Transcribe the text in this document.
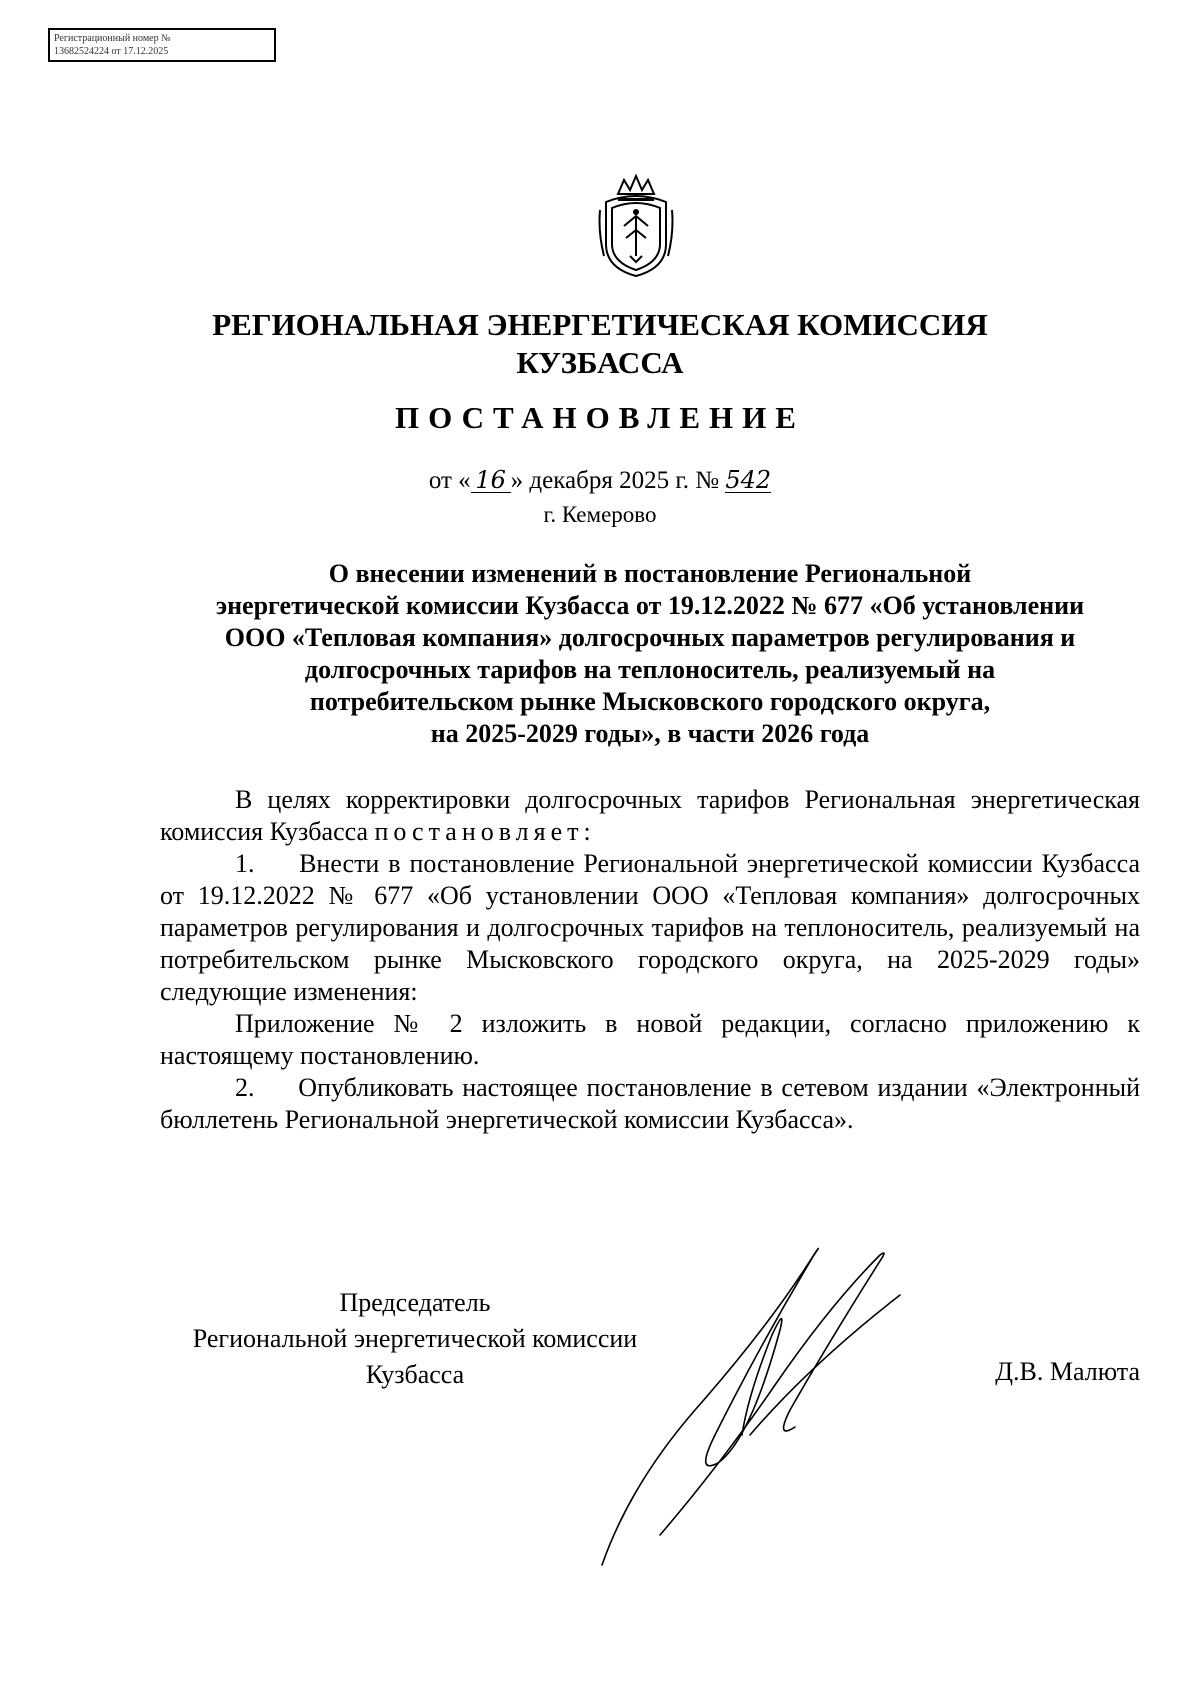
Регистрационный номер №
13682524224 от 17.12.2025
РЕГИОНАЛЬНАЯ ЭНЕРГЕТИЧЕСКАЯ КОМИССИЯ
КУЗБАССА
ПОСТАНОВЛЕНИЕ
от « 16 » декабря 2025 г. № 542
г. Кемерово
О внесении изменений в постановление Региональной
энергетической комиссии Кузбасса от 19.12.2022 № 677 «Об установлении
ООО «Тепловая компания» долгосрочных параметров регулирования и
долгосрочных тарифов на теплоноситель, реализуемый на
потребительском рынке Мысковского городского округа,
на 2025-2029 годы», в части 2026 года

В целях корректировки долгосрочных тарифов Региональная энергетическая комиссия Кузбасса постановляет:

1.     Внести в постановление Региональной энергетической комиссии Кузбасса от 19.12.2022 № 677 «Об установлении ООО «Тепловая компания» долгосрочных параметров регулирования и долгосрочных тарифов на теплоноситель, реализуемый на потребительском рынке Мысковского городского округа, на 2025-2029 годы» следующие изменения:

Приложение № 2 изложить в новой редакции, согласно приложению к настоящему постановлению.

2.     Опубликовать настоящее постановление в сетевом издании «Электронный бюллетень Региональной энергетической комиссии Кузбасса».

Председатель
Региональной энергетической комиссии
Кузбасса	Д.В. Малюта
